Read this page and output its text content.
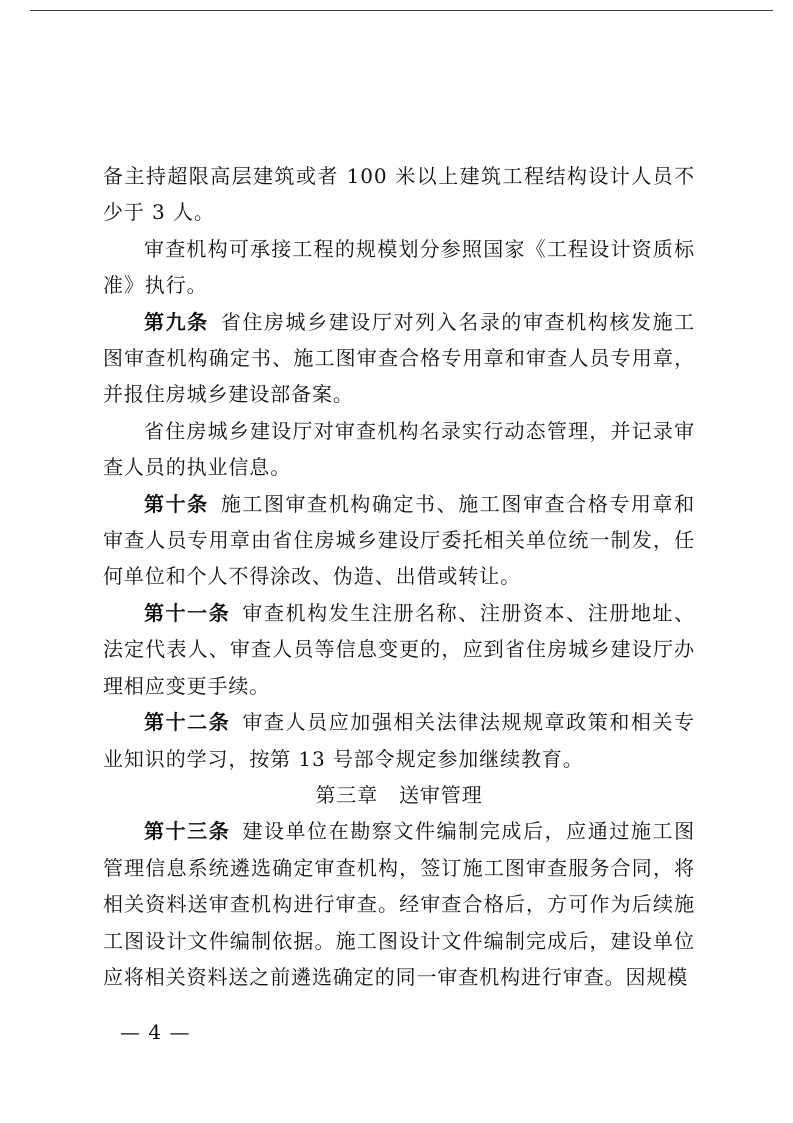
备主持超限高层建筑或者 100 米以上建筑工程结构设计人员不少于 3 人。

审查机构可承接工程的规模划分参照国家《工程设计资质标准》执行。

第九条 省住房城乡建设厅对列入名录的审查机构核发施工图审查机构确定书、施工图审查合格专用章和审查人员专用章，并报住房城乡建设部备案。

省住房城乡建设厅对审查机构名录实行动态管理，并记录审查人员的执业信息。

第十条 施工图审查机构确定书、施工图审查合格专用章和审查人员专用章由省住房城乡建设厅委托相关单位统一制发，任何单位和个人不得涂改、伪造、出借或转让。

第十一条 审查机构发生注册名称、注册资本、注册地址、法定代表人、审查人员等信息变更的，应到省住房城乡建设厅办理相应变更手续。

第十二条 审查人员应加强相关法律法规规章政策和相关专业知识的学习，按第 13 号部令规定参加继续教育。

第三章　送审管理

第十三条 建设单位在勘察文件编制完成后，应通过施工图管理信息系统遴选确定审查机构，签订施工图审查服务合同，将相关资料送审查机构进行审查。经审查合格后，方可作为后续施工图设计文件编制依据。施工图设计文件编制完成后，建设单位应将相关资料送之前遴选确定的同一审查机构进行审查。因规模

— 4 —
